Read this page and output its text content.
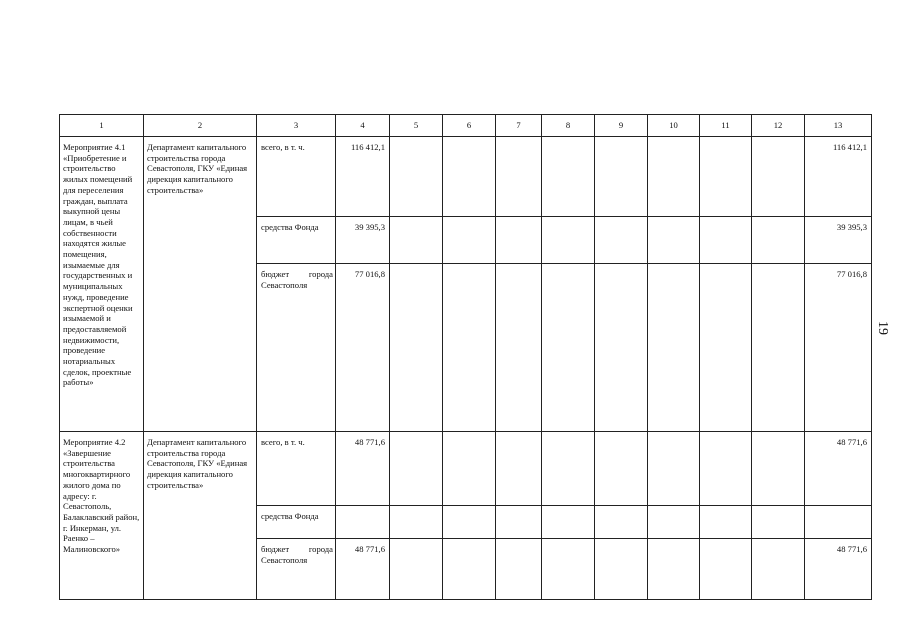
1	2	3	4	5	6	7	8	9	10	11	12	13
Мероприятие 4.1 «Приобретение и строительство жилых помещений для переселения граждан, выплата выкупной цены лицам, в чьей собственности находятся жилые помещения, изымаемые для государственных и муниципальных нужд, проведение экспертной оценки изымаемой и предоставляемой недвижимости, проведение нотариальных сделок, проектные работы»	Департамент капитального строительства города Севастополя, ГКУ «Единая дирекция капитального строительства»	всего, в т. ч.	116 412,1									116 412,1
		средства Фонда	39 395,3									39 395,3
		бюджет города Севастополя	77 016,8									77 016,8
Мероприятие 4.2 «Завершение строительства многоквартирного жилого дома по адресу: г. Севастополь, Балаклавский район, г. Инкерман, ул. Раенко – Малиновского»	Департамент капитального строительства города Севастополя, ГКУ «Единая дирекция капитального строительства»	всего, в т. ч.	48 771,6									48 771,6
		средства Фонда										
		бюджет города Севастополя	48 771,6									48 771,6
19
